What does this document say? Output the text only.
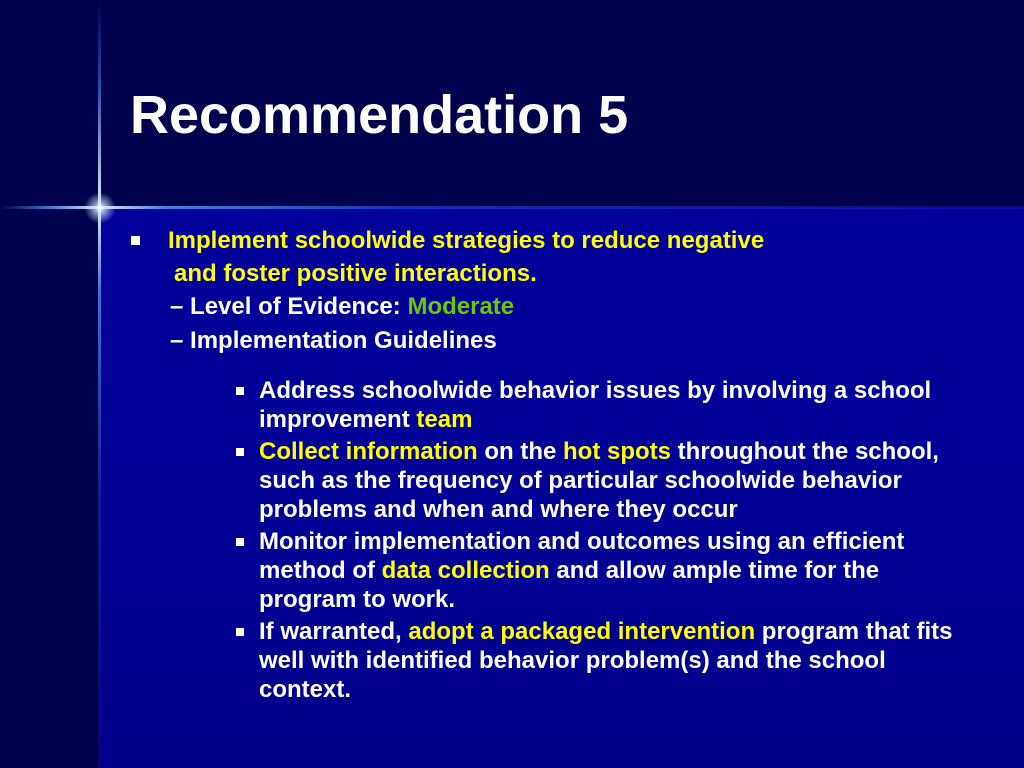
Recommendation 5
Implement schoolwide strategies to reduce negative
and foster positive interactions.
– Level of Evidence: Moderate
– Implementation Guidelines
Address schoolwide behavior issues by involving a school improvement team
Collect information on the hot spots throughout the school, such as the frequency of particular schoolwide behavior problems and when and where they occur
Monitor implementation and outcomes using an efficient method of data collection and allow ample time for the program to work.
If warranted, adopt a packaged intervention program that fits well with identified behavior problem(s) and the school context.
